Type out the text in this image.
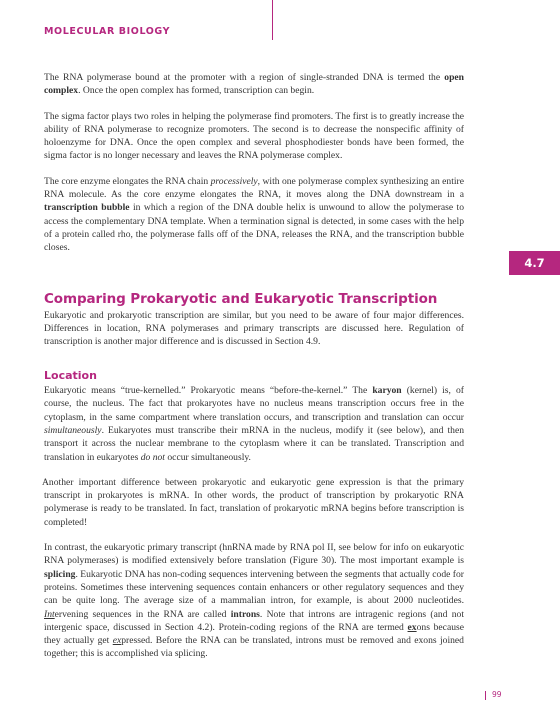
MOLECULAR BIOLOGY
4.7

The RNA polymerase bound at the promoter with a region of single-stranded DNA is termed the open complex. Once the open complex has formed, transcription can begin.

The sigma factor plays two roles in helping the polymerase find promoters. The first is to greatly increase the ability of RNA polymerase to recognize promoters. The second is to decrease the nonspecific affinity of holoenzyme for DNA. Once the open complex and several phosphodiester bonds have been formed, the sigma factor is no longer necessary and leaves the RNA polymerase complex.

The core enzyme elongates the RNA chain processively, with one polymerase complex synthesizing an entire RNA molecule. As the core enzyme elongates the RNA, it moves along the DNA downstream in a transcription bubble in which a region of the DNA double helix is unwound to allow the polymerase to access the complementary DNA template. When a termination signal is detected, in some cases with the help of a protein called rho, the polymerase falls off of the DNA, releases the RNA, and the transcription bubble closes.

Comparing Prokaryotic and Eukaryotic Transcription

Eukaryotic and prokaryotic transcription are similar, but you need to be aware of four major differences. Differences in location, RNA polymerases and primary transcripts are discussed here. Regulation of transcription is another major difference and is discussed in Section 4.9.

Location

Eukaryotic means “true-kernelled.” Prokaryotic means “before-the-kernel.” The karyon (kernel) is, of course, the nucleus. The fact that prokaryotes have no nucleus means transcription occurs free in the cytoplasm, in the same compartment where translation occurs, and transcription and translation can occur simultaneously. Eukaryotes must transcribe their mRNA in the nucleus, modify it (see below), and then transport it across the nuclear membrane to the cytoplasm where it can be translated. Transcription and translation in eukaryotes do not occur simultaneously.

Another important difference between prokaryotic and eukaryotic gene expression is that the primary transcript in prokaryotes is mRNA. In other words, the product of transcription by prokaryotic RNA polymerase is ready to be translated. In fact, translation of prokaryotic mRNA begins before transcription is completed!

In contrast, the eukaryotic primary transcript (hnRNA made by RNA pol II, see below for info on eukaryotic RNA polymerases) is modified extensively before translation (Figure 30). The most important example is splicing. Eukaryotic DNA has non-coding sequences intervening between the segments that actually code for proteins. Sometimes these intervening sequences contain enhancers or other regulatory sequences and they can be quite long. The average size of a mammalian intron, for example, is about 2000 nucleotides. Intervening sequences in the RNA are called introns. Note that introns are intragenic regions (and not intergenic space, discussed in Section 4.2). Protein-coding regions of the RNA are termed exons because they actually get expressed. Before the RNA can be translated, introns must be removed and exons joined together; this is accomplished via splicing.

99
